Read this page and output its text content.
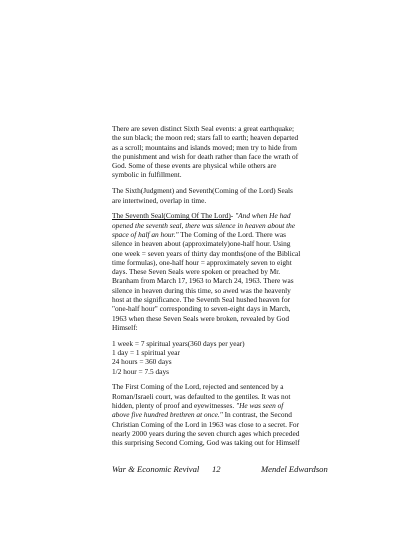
There are seven distinct Sixth Seal events: a great earthquake;
the sun black; the moon red; stars fall to earth; heaven departed
as a scroll; mountains and islands moved; men try to hide from
the punishment and wish for death rather than face the wrath of
God. Some of these events are physical while others are
symbolic in fulfillment.

The Sixth(Judgment) and Seventh(Coming of the Lord) Seals
are intertwined, overlap in time.

The Seventh Seal(Coming Of The Lord)- "And when He had
opened the seventh seal, there was silence in heaven about the
space of half an hour." The Coming of the Lord. There was
silence in heaven about (approximately)one-half hour. Using
one week = seven years of thirty day months(one of the Biblical
time formulas), one-half hour = approximately seven to eight
days. These Seven Seals were spoken or preached by Mr.
Branham from March 17, 1963 to March 24, 1963. There was
silence in heaven during this time, so awed was the heavenly
host at the significance. The Seventh Seal hushed heaven for
"one-half hour" corresponding to seven-eight days in March,
1963 when these Seven Seals were broken, revealed by God
Himself:

1 week = 7 spiritual years(360 days per year)
1 day = 1 spiritual year
24 hours = 360 days
1/2 hour = 7.5 days

The First Coming of the Lord, rejected and sentenced by a
Roman/Israeli court, was defaulted to the gentiles. It was not
hidden, plenty of proof and eyewitnesses. "He was seen of
above five hundred brethren at once." In contrast, the Second
Christian Coming of the Lord in 1963 was close to a secret. For
nearly 2000 years during the seven church ages which preceded
this surprising Second Coming, God was taking out for Himself

War & Economic Revival 12	Mendel Edwardson
